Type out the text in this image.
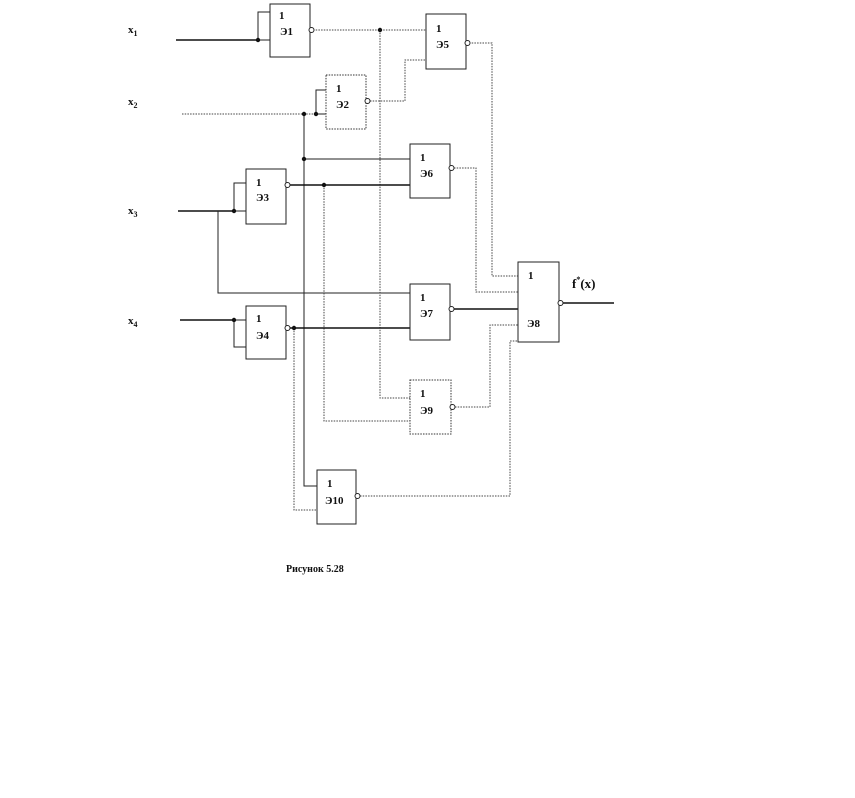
$x_1$
$x_2$
$x_3$
$x_4$
1
Э1
1
Э2
1
Э3
1
Э4
1
Э5
1
Э6
1
Э7
1
Э9
1
Э10
1
Э8
f*(x)
Рисунок 5.28
